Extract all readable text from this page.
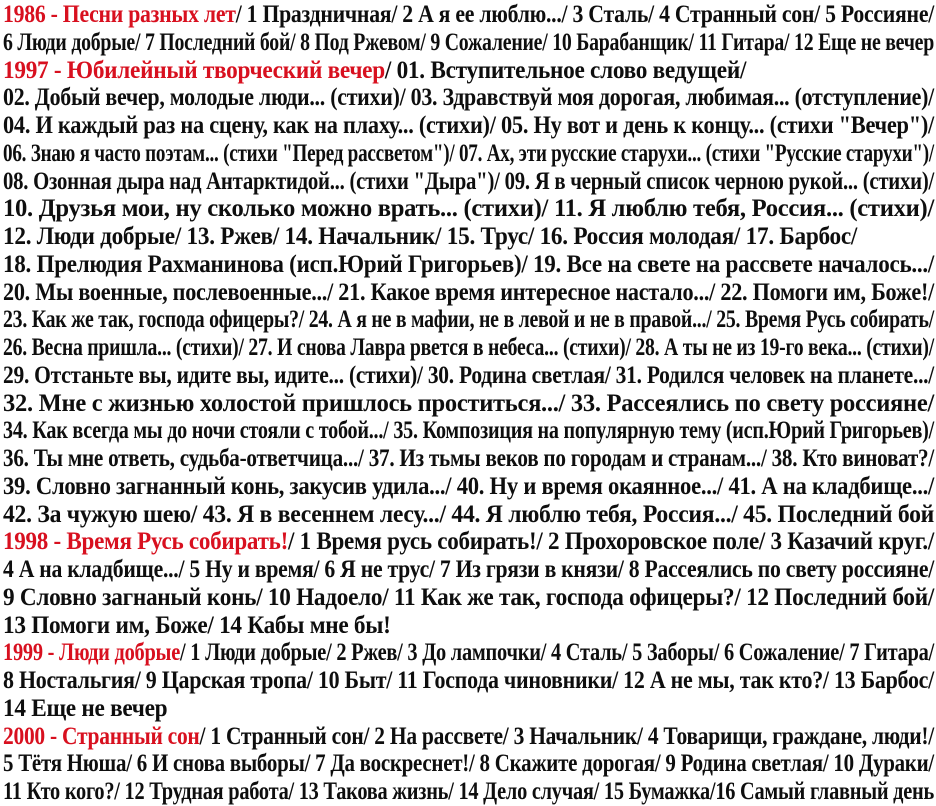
1986 - Песни разных лет/ 1 Праздничная/ 2 А я ее люблю.../ 3 Сталь/ 4 Странный сон/ 5 Россияне/
6 Люди добрые/ 7 Последний бой/ 8 Под Ржевом/ 9 Сожаление/ 10 Барабанщик/ 11 Гитара/ 12 Еще не вечер
1997 - Юбилейный творческий вечер/ 01. Вступительное слово ведущей/
02. Добый вечер, молодые люди... (стихи)/ 03. Здравствуй моя дорогая, любимая... (отступление)/
04. И каждый раз на сцену, как на плаху... (стихи)/ 05. Ну вот и день к концу... (стихи "Вечер")/
06. Знаю я часто поэтам... (стихи "Перед рассветом")/ 07. Ах, эти русские старухи... (стихи "Русские старухи")/
08. Озонная дыра над Антарктидой... (стихи "Дыра")/ 09. Я в черный список черною рукой... (стихи)/
10. Друзья мои, ну сколько можно врать... (стихи)/ 11. Я люблю тебя, Россия... (стихи)/
12. Люди добрые/ 13. Ржев/ 14. Начальник/ 15. Трус/ 16. Россия молодая/ 17. Барбос/
18. Прелюдия Рахманинова (исп.Юрий Григорьев)/ 19. Все на свете на рассвете началось.../
20. Мы военные, послевоенные.../ 21. Какое время интересное настало.../ 22. Помоги им, Боже!/
23. Как же так, господа офицеры?/ 24. А я не в мафии, не в левой и не в правой.../ 25. Время Русь собирать/
26. Весна пришла... (стихи)/ 27. И снова Лавра рвется в небеса... (стихи)/ 28. А ты не из 19-го века... (стихи)/
29. Отстаньте вы, идите вы, идите... (стихи)/ 30. Родина светлая/ 31. Родился человек на планете.../
32. Мне с жизнью холостой пришлось проститься.../ 33. Рассеялись по свету россияне/
34. Как всегда мы до ночи стояли с тобой.../ 35. Композиция на популярную тему (исп.Юрий Григорьев)/
36. Ты мне ответь, судьба-ответчица.../ 37. Из тьмы веков по городам и странам.../ 38. Кто виноват?/
39. Словно загнанный конь, закусив удила.../ 40. Ну и время окаянное.../ 41. А на кладбище.../
42. За чужую шею/ 43. Я в весеннем лесу.../ 44. Я люблю тебя, Россия.../ 45. Последний бой
1998 - Время Русь собирать!/ 1 Время русь собирать!/ 2 Прохоровское поле/ 3 Казачий круг./
4 А на кладбище.../ 5 Ну и время/ 6 Я не трус/ 7 Из грязи в князи/ 8 Рассеялись по свету россияне/
9 Словно загнаный конь/ 10 Надоело/ 11 Как же так, господа офицеры?/ 12 Последний бой/
13 Помоги им, Боже/ 14 Кабы мне бы!
1999 - Люди добрые/ 1 Люди добрые/ 2 Ржев/ 3 До лампочки/ 4 Сталь/ 5 Заборы/ 6 Сожаление/ 7 Гитара/
8 Ностальгия/ 9 Царская тропа/ 10 Быт/ 11 Господа чиновники/ 12 А не мы, так кто?/ 13 Барбос/
14 Еще не вечер
2000 - Странный сон/ 1 Странный сон/ 2 На рассвете/ 3 Начальник/ 4 Товарищи, граждане, люди!/
5 Тётя Нюша/ 6 И снова выборы/ 7 Да воскреснет!/ 8 Скажите дорогая/ 9 Родина светлая/ 10 Дураки/
11 Кто кого?/ 12 Трудная работа/ 13 Такова жизнь/ 14 Дело случая/ 15 Бумажка/16 Самый главный день
